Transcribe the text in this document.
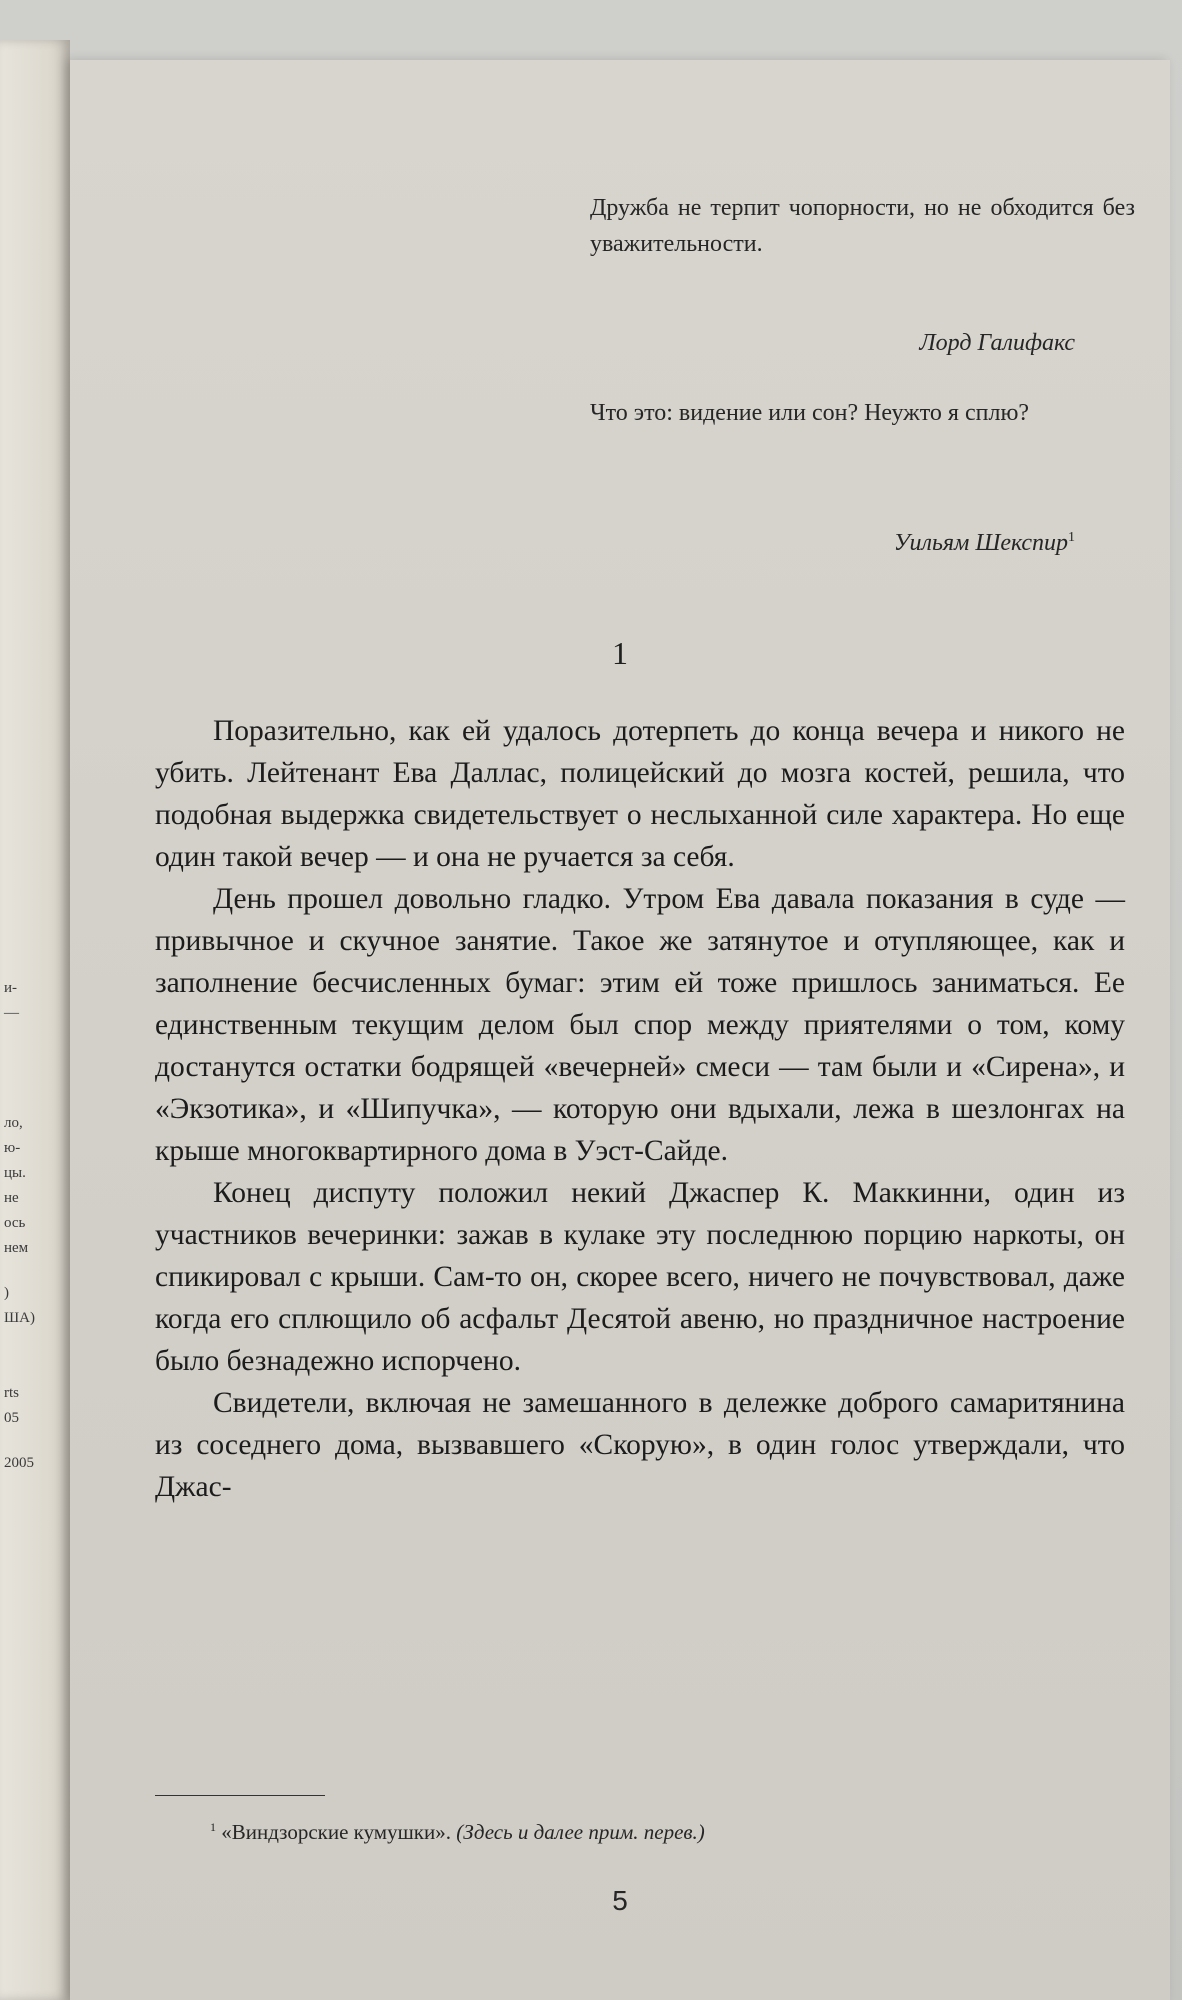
и-
—
ло,
ю-
цы.
не
ось
нем
)
ША)
rts
05
2005
Дружба не терпит чопорности, но не обходится без уважительности.
Лорд Галифакс
Что это: видение или сон? Неужто я сплю?
Уильям Шекспир$^1$
1

Поразительно, как ей удалось дотерпеть до конца вечера и никого не убить. Лейтенант Ева Даллас, полицейский до мозга костей, решила, что подобная выдержка свидетельствует о неслыханной силе характера. Но еще один такой вечер — и она не ручается за себя.

День прошел довольно гладко. Утром Ева давала показания в суде — привычное и скучное занятие. Такое же затянутое и отупляющее, как и заполнение бесчисленных бумаг: этим ей тоже пришлось заниматься. Ее единственным текущим делом был спор между приятелями о том, кому достанутся остатки бодрящей «вечерней» смеси — там были и «Сирена», и «Экзотика», и «Шипучка», — которую они вдыхали, лежа в шезлонгах на крыше многоквартирного дома в Уэст-Сайде.

Конец диспуту положил некий Джаспер К. Маккинни, один из участников вечеринки: зажав в кулаке эту последнюю порцию наркоты, он спикировал с крыши. Сам-то он, скорее всего, ничего не почувствовал, даже когда его сплющило об асфальт Десятой авеню, но праздничное настроение было безнадежно испорчено.

Свидетели, включая не замешанного в дележке доброго самаритянина из соседнего дома, вызвавшего «Скорую», в один голос утверждали, что Джас-

$^1$ «Виндзорские кумушки». (Здесь и далее прим. перев.)
5
